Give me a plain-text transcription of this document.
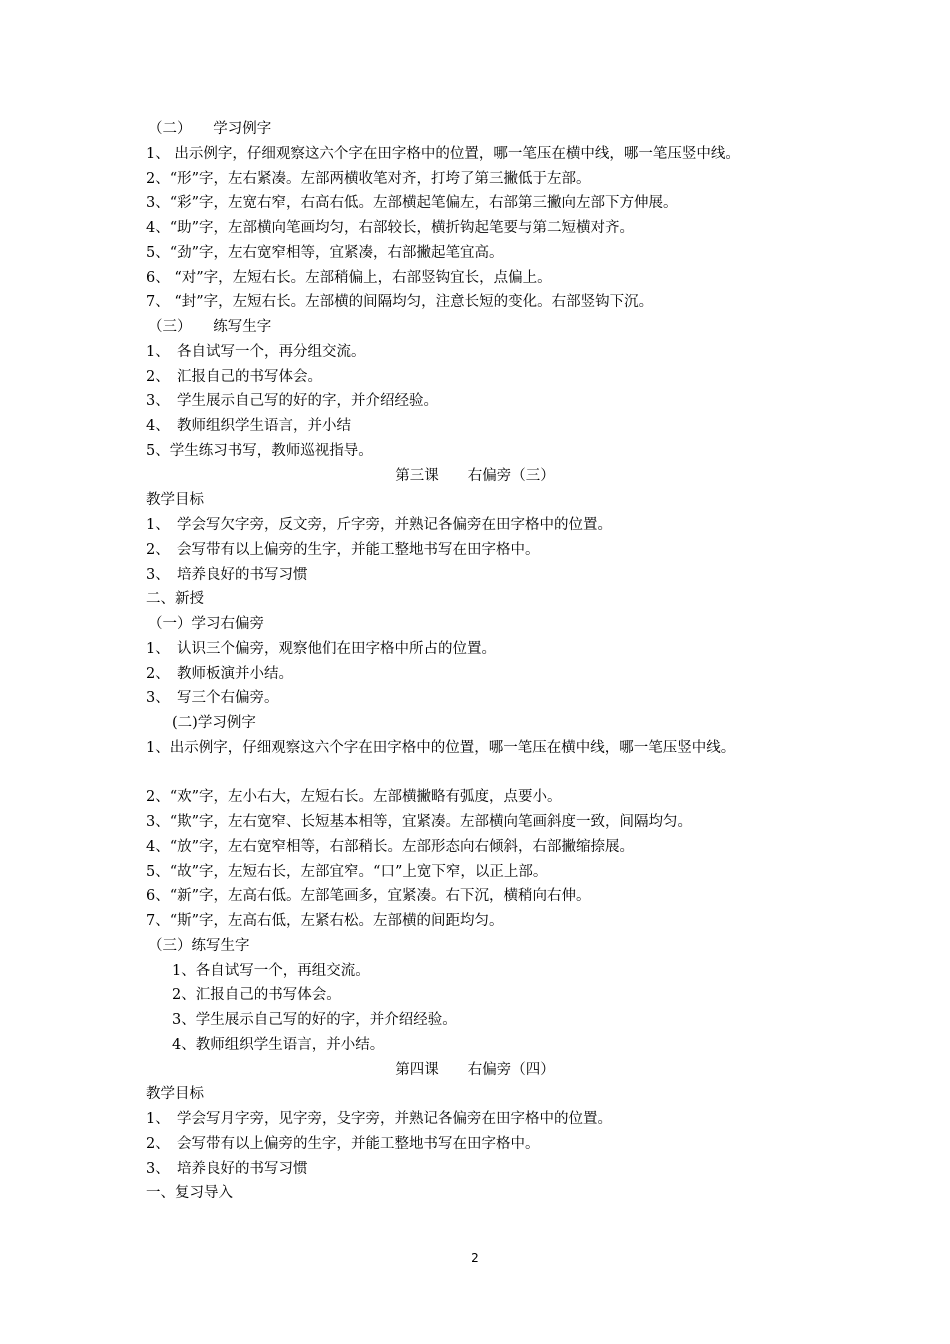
（二）　　学习例字
1、 出示例字，仔细观察这六个字在田字格中的位置，哪一笔压在横中线，哪一笔压竖中线。
2、“形”字，左右紧凑。左部两横收笔对齐，打垮了第三撇低于左部。
3、“彩”字，左宽右窄，右高右低。左部横起笔偏左，右部第三撇向左部下方伸展。
4、“助”字，左部横向笔画均匀，右部较长，横折钩起笔要与第二短横对齐。
5、“劲”字，左右宽窄相等，宜紧凑，右部撇起笔宜高。
6、 “对”字，左短右长。左部稍偏上，右部竖钩宜长，点偏上。
7、 “封”字，左短右长。左部横的间隔均匀，注意长短的变化。右部竖钩下沉。
（三）　　练写生字
1、　各自试写一个，再分组交流。
2、　汇报自己的书写体会。
3、　学生展示自己写的好的字，并介绍经验。
4、　教师组织学生语言，并小结
5、学生练习书写，教师巡视指导。
第三课　　右偏旁（三）
教学目标
1、　学会写欠字旁，反文旁，斤字旁，并熟记各偏旁在田字格中的位置。
2、　会写带有以上偏旁的生字，并能工整地书写在田字格中。
3、　培养良好的书写习惯
二、新授
（一）学习右偏旁
1、　认识三个偏旁，观察他们在田字格中所占的位置。
2、　教师板演并小结。
3、　写三个右偏旁。
(二)学习例字
1、出示例字，仔细观察这六个字在田字格中的位置，哪一笔压在横中线，哪一笔压竖中线。
2、“欢”字，左小右大，左短右长。左部横撇略有弧度，点要小。
3、“欺”字，左右宽窄、长短基本相等，宜紧凑。左部横向笔画斜度一致，间隔均匀。
4、“放”字，左右宽窄相等，右部稍长。左部形态向右倾斜，右部撇缩捺展。
5、“故”字，左短右长，左部宜窄。“口”上宽下窄，以正上部。
6、“新”字，左高右低。左部笔画多，宜紧凑。右下沉，横稍向右伸。
7、“斯”字，左高右低，左紧右松。左部横的间距均匀。
（三）练写生字
1、各自试写一个，再组交流。
2、汇报自己的书写体会。
3、学生展示自己写的好的字，并介绍经验。
4、教师组织学生语言，并小结。
第四课　　右偏旁（四）
教学目标
1、　学会写月字旁，见字旁，殳字旁，并熟记各偏旁在田字格中的位置。
2、　会写带有以上偏旁的生字，并能工整地书写在田字格中。
3、　培养良好的书写习惯
一、复习导入
2
